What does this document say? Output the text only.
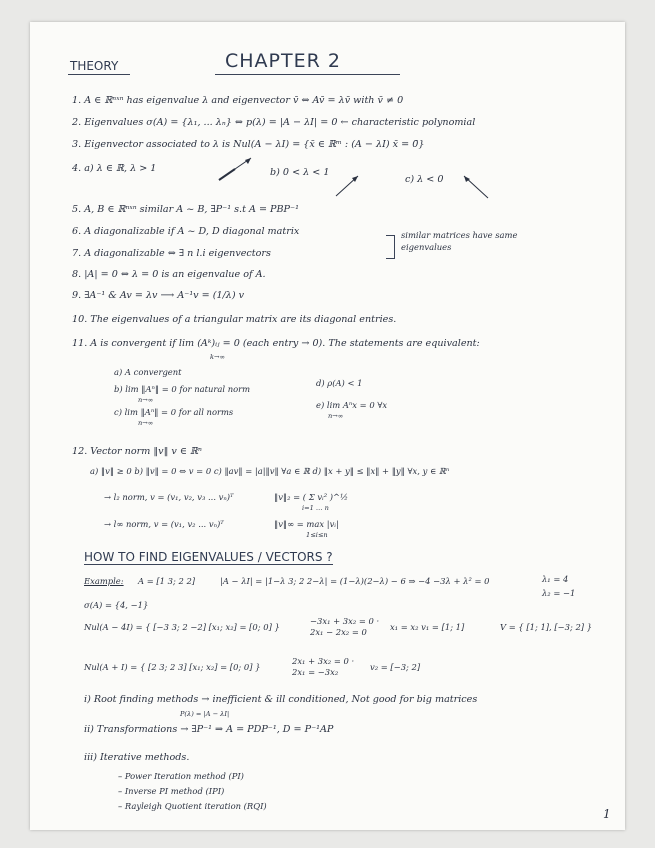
CHAPTER 2
THEORY
1. A ∈ ℝⁿˣⁿ has eigenvalue λ and eigenvector v̄ ⇔ Av̄ = λv̄ with v̄ ≠ 0
2. Eigenvalues σ(A) = {λ₁, ... λₙ} ⇔ p(λ) = |A − λI| = 0 ← characteristic polynomial
3. Eigenvector associated to λ is Nul(A − λI) = {x̄ ∈ ℝᵐ : (A − λI) x̄ = 0̄}
4. a) λ ∈ ℝ, λ > 1	b) 0 < λ < 1
c) λ < 0
5. A, B ∈ ℝⁿˣⁿ similar A ~ B, ∃P⁻¹ s.t A = PBP⁻¹
6. A diagonalizable if A ~ D, D diagonal matrix	similar matrices have same eigenvalues
7. A diagonalizable ⇔ ∃ n l.i eigenvectors
8. |A| = 0 ⇔ λ = 0 is an eigenvalue of A.
9. ∃A⁻¹ & Av = λv ⟶ A⁻¹v = (1/λ) v
10. The eigenvalues of a triangular matrix are its diagonal entries.
11. A is convergent if lim (Aᵏ)ᵢⱼ = 0 (each entry → 0). The statements are equivalent:
k→∞
a) A convergent
b) lim ‖Aⁿ‖ = 0 for natural norm
n→∞
c) lim ‖Aⁿ‖ = 0 for all norms
n→∞
d) ρ(A) < 1
e) lim Aⁿx = 0 ∀x
n→∞
12. Vector norm ‖v‖ v ∈ ℝⁿ
a) ‖v‖ ≥ 0 b) ‖v‖ = 0 ⇔ v = 0 c) ‖av‖ = |a|‖v‖ ∀a ∈ ℝ d) ‖x + y‖ ≤ ‖x‖ + ‖y‖ ∀x, y ∈ ℝⁿ
→ l₂ norm, v = (v₁, v₂, v₃ ... vₙ)ᵀ	‖v‖₂ = ( Σ vᵢ² )^½
i=1 … n
→ l∞ norm, v = (v₁, v₂ ... vₙ)ᵀ	‖v‖∞ = max |vᵢ|
1≤i≤n
HOW TO FIND EIGENVALUES / VECTORS ?
Example: A = [1 3; 2 2]	|A − λI| = |1−λ 3; 2 2−λ| = (1−λ)(2−λ) − 6 ⇒ −4 −3λ + λ² = 0	λ₁ = 4
λ₂ = −1
σ(A) = {4, −1}
Nul(A − 4I) = { [−3 3; 2 −2] [x₁; x₂] = [0; 0] }
−3x₁ + 3x₂ = 0 · 2x₁ − 2x₂ = 0	x₁ = x₂ v₁ = [1; 1]	V = { [1; 1], [−3; 2] }
Nul(A + I) = { [2 3; 2 3] [x₁; x₂] = [0; 0] }
2x₁ + 3x₂ = 0 · 2x₁ = −3x₂	v₂ = [−3; 2]
i) Root finding methods → inefficient & ill conditioned, Not good for big matrices
P(λ) = |A − λI|
ii) Transformations → ∃P⁻¹ ⇒ A = PDP⁻¹, D = P⁻¹AP
iii) Iterative methods.
– Power Iteration method (PI)
– Inverse PI method (IPI)
– Rayleigh Quotient iteration (RQI)
1
